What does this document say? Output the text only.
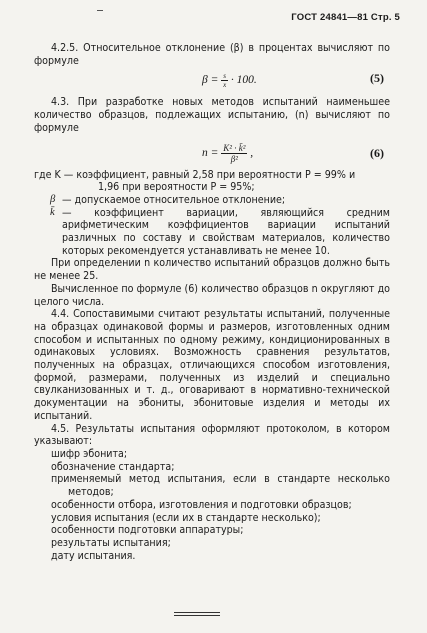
ГОСТ 24841—81 Стр. 5

4.2.5. Относительное отклонение (β) в процентах вычисляют по формуле

$\beta = \frac{s}{x} \cdot 100$.	(5)

4.3. При разработке новых методов испытаний наименьшее количество образцов, подлежащих испытанию, (n) вычисляют по формуле

$n = \frac{\text{K² · k̄²}}{\text{β²}}$ ,	(6)

где K — коэффициент, равный 2,58 при вероятности P = 99% и

1,96 при вероятности P = 95%;

β — допускаемое относительное отклонение;

k̄ — коэффициент вариации, являющийся средним арифметическим коэффициентов вариации испытаний различных по составу и свойствам материалов, количество которых рекомендуется устанавливать не менее 10.

При определении n количество испытаний образцов должно быть не менее 25.

Вычисленное по формуле (6) количество образцов n округляют до целого числа.

4.4. Сопоставимыми считают результаты испытаний, полученные на образцах одинаковой формы и размеров, изготовленных одним способом и испытанных по одному режиму, кондиционированных в одинаковых условиях. Возможность сравнения результатов, полученных на образцах, отличающихся способом изготовления, формой, размерами, полученных из изделий и специально свулканизованных и т. д., оговаривают в нормативно-технической документации на эбониты, эбонитовые изделия и методы их испытаний.

4.5. Результаты испытания оформляют протоколом, в котором указывают:

шифр эбонита;
обозначение стандарта;
применяемый метод испытания, если в стандарте несколько методов;
особенности отбора, изготовления и подготовки образцов;
условия испытания (если их в стандарте несколько);
особенности подготовки аппаратуры;
результаты испытания;
дату испытания.
